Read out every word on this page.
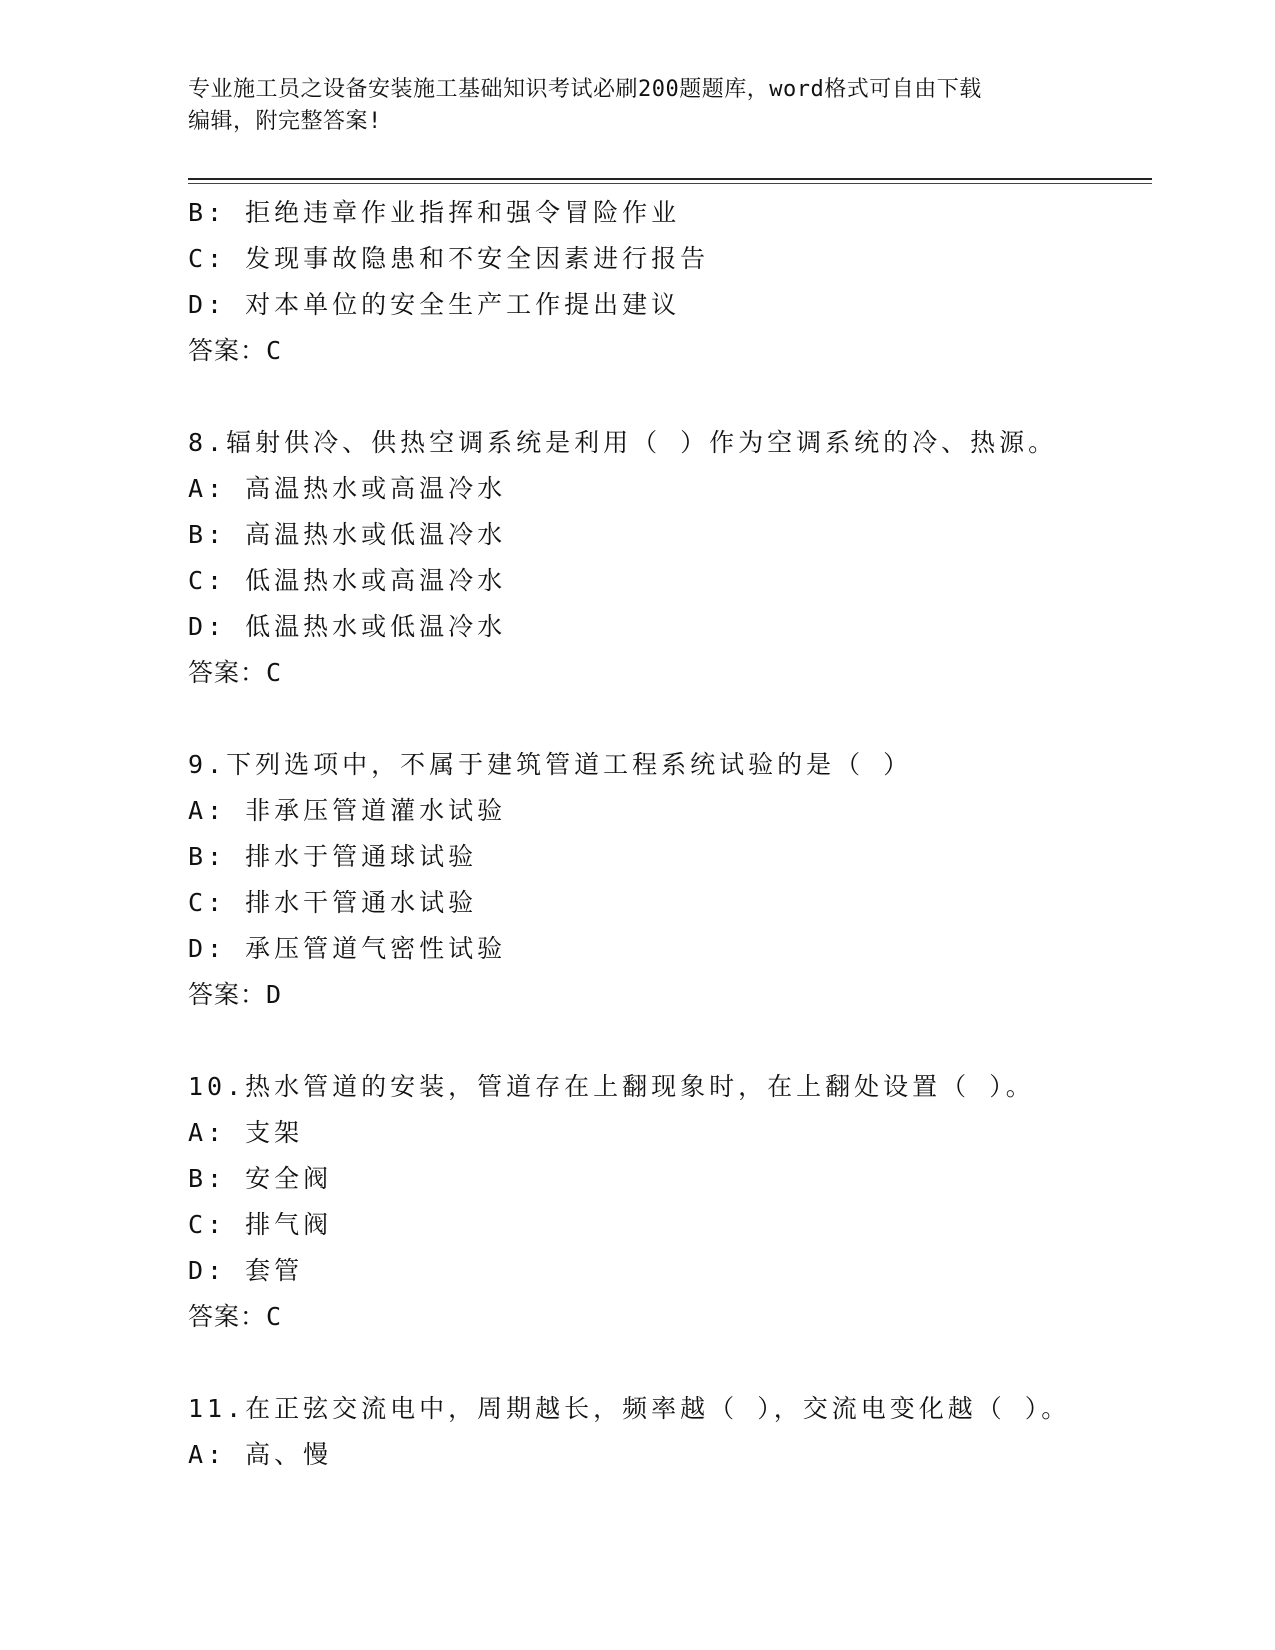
专业施工员之设备安装施工基础知识考试必刷200题题库，word格式可自由下载
编辑，附完整答案!
B: 拒绝违章作业指挥和强令冒险作业
C: 发现事故隐患和不安全因素进行报告
D: 对本单位的安全生产工作提出建议
答案：C
8.辐射供冷、供热空调系统是利用（ ）作为空调系统的冷、热源。
A: 高温热水或高温冷水
B: 高温热水或低温冷水
C: 低温热水或高温冷水
D: 低温热水或低温冷水
答案：C
9.下列选项中，不属于建筑管道工程系统试验的是（ ）
A: 非承压管道灌水试验
B: 排水于管通球试验
C: 排水干管通水试验
D: 承压管道气密性试验
答案：D
10.热水管道的安装，管道存在上翻现象时，在上翻处设置（ ）。
A: 支架
B: 安全阀
C: 排气阀
D: 套管
答案：C
11.在正弦交流电中，周期越长，频率越（ ），交流电变化越（ ）。
A: 高、慢
